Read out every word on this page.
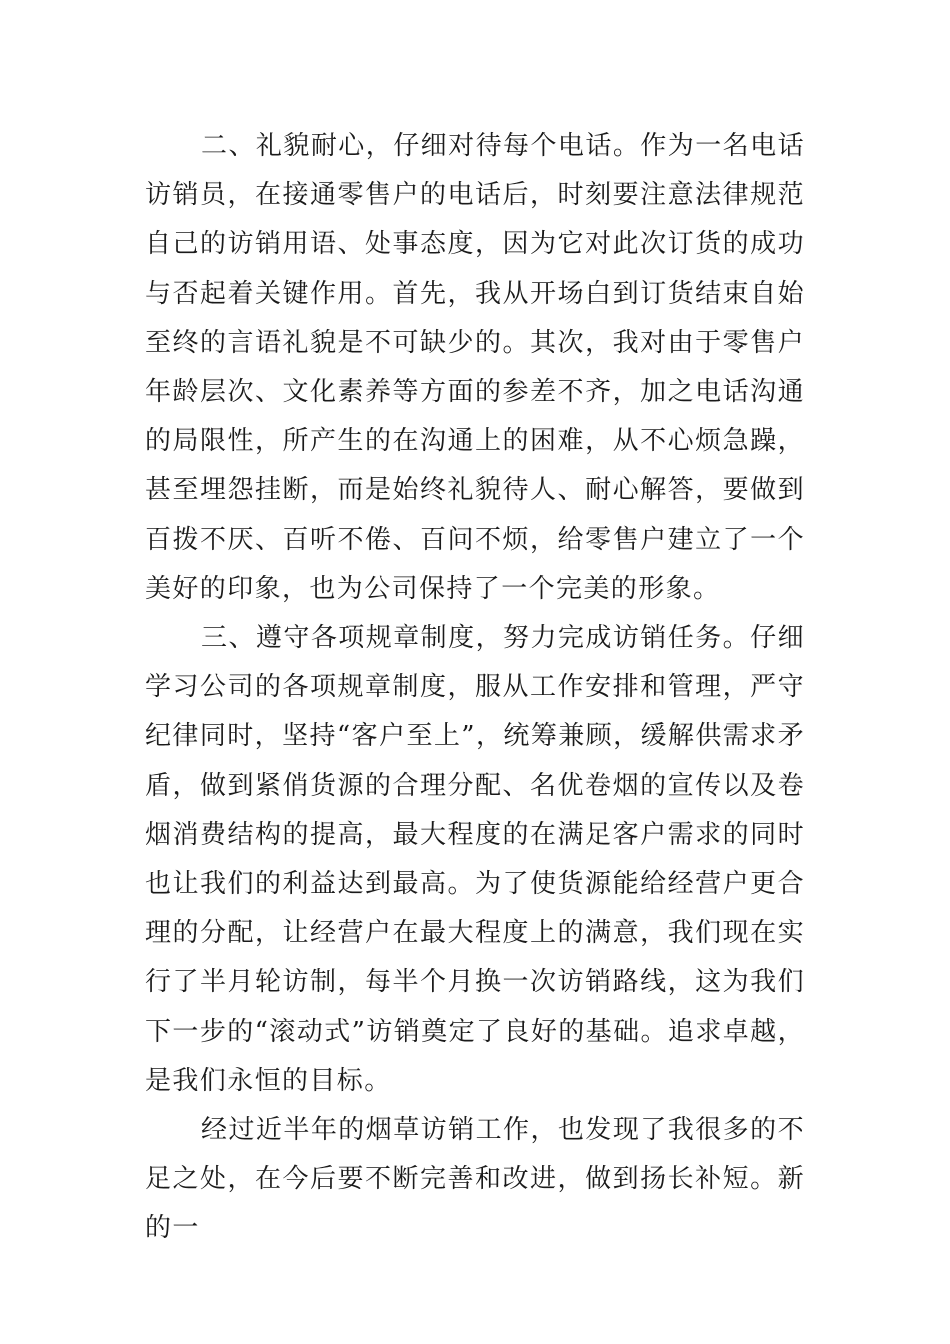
二、礼貌耐心，仔细对待每个电话。作为一名电话访销员，在接通零售户的电话后，时刻要注意法律规范自己的访销用语、处事态度，因为它对此次订货的成功与否起着关键作用。首先，我从开场白到订货结束自始至终的言语礼貌是不可缺少的。其次，我对由于零售户年龄层次、文化素养等方面的参差不齐，加之电话沟通的局限性，所产生的在沟通上的困难，从不心烦急躁，甚至埋怨挂断，而是始终礼貌待人、耐心解答，要做到百拨不厌、百听不倦、百问不烦，给零售户建立了一个美好的印象，也为公司保持了一个完美的形象。

三、遵守各项规章制度，努力完成访销任务。仔细学习公司的各项规章制度，服从工作安排和管理，严守纪律同时，坚持“客户至上”，统筹兼顾，缓解供需求矛盾，做到紧俏货源的合理分配、名优卷烟的宣传以及卷烟消费结构的提高，最大程度的在满足客户需求的同时也让我们的利益达到最高。为了使货源能给经营户更合理的分配，让经营户在最大程度上的满意，我们现在实行了半月轮访制，每半个月换一次访销路线，这为我们下一步的“滚动式”访销奠定了良好的基础。追求卓越，是我们永恒的目标。

经过近半年的烟草访销工作，也发现了我很多的不足之处，在今后要不断完善和改进，做到扬长补短。新的一
